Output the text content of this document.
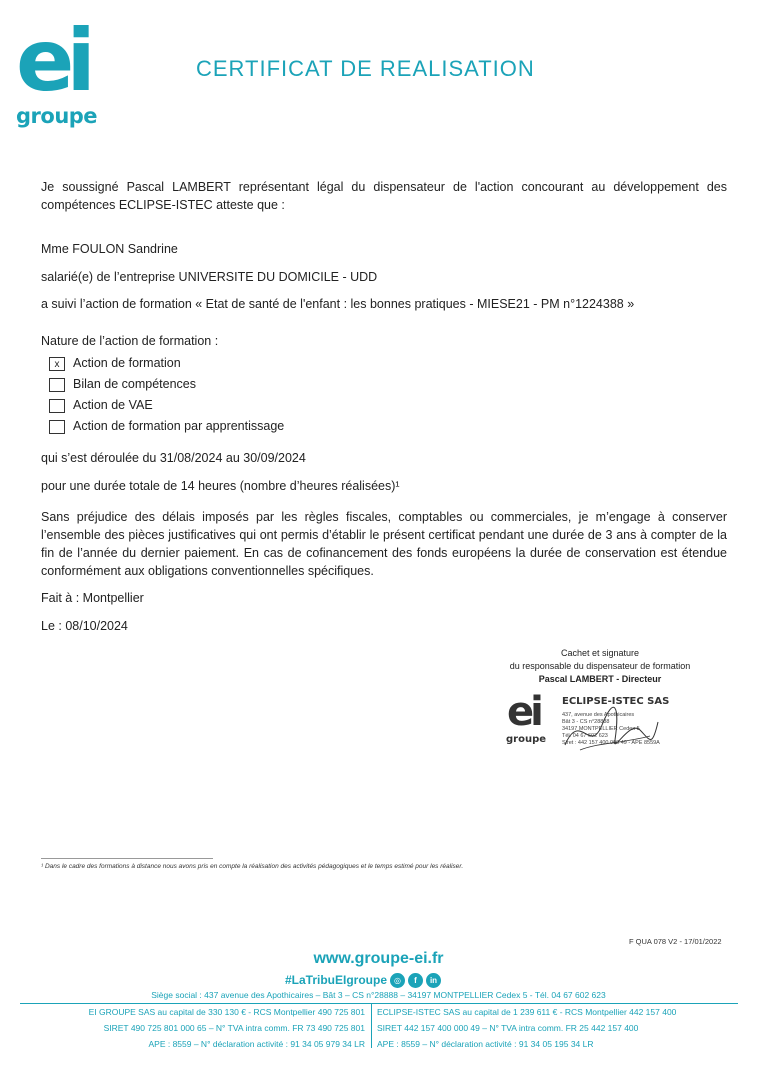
ei
groupe
CERTIFICAT DE REALISATION
Je soussigné Pascal LAMBERT représentant légal du dispensateur de l'action concourant au développement des compétences ECLIPSE-ISTEC atteste que :
Mme FOULON Sandrine
salarié(e) de l’entreprise UNIVERSITE DU DOMICILE - UDD
a suivi l’action de formation « Etat de santé de l'enfant : les bonnes pratiques - MIESE21 - PM n°1224388 »
Nature de l’action de formation :
x Action de formation
Bilan de compétences
Action de VAE
Action de formation par apprentissage
qui s’est déroulée du 31/08/2024 au 30/09/2024
pour une durée totale de 14 heures (nombre d’heures réalisées)¹
Sans préjudice des délais imposés par les règles fiscales, comptables ou commerciales, je m’engage à conserver l’ensemble des pièces justificatives qui ont permis d’établir le présent certificat pendant une durée de 3 ans à compter de la fin de l’année du dernier paiement. En cas de cofinancement des fonds européens la durée de conservation est étendue conformément aux obligations conventionnelles spécifiques.
Fait à : Montpellier
Le : 08/10/2024
Cachet et signature
du responsable du dispensateur de formation
Pascal LAMBERT - Directeur
ei
groupe
ECLIPSE-ISTEC SAS
437, avenue des Apothicaires
Bât 3 - CS n°28888
34197 MONTPELLIER Cedex 5
Tél. 04 67 602 623
Siret : 442 157 400 000 49 - APE 8559A
¹ Dans le cadre des formations à distance nous avons pris en compte la réalisation des activités pédagogiques et le temps estimé pour les réaliser.
F QUA 078 V2 - 17/01/2022
www.groupe-ei.fr
#LaTribuEIgroupe ◎	f	in
Siège social : 437 avenue des Apothicaires – Bât 3 – CS n°28888 – 34197 MONTPELLIER Cedex 5 - Tél. 04 67 602 623
EI GROUPE SAS au capital de 330 130 € - RCS Montpellier 490 725 801
SIRET 490 725 801 000 65 – N° TVA intra comm. FR 73 490 725 801
APE : 8559 – N° déclaration activité : 91 34 05 979 34 LR
ECLIPSE-ISTEC SAS au capital de 1 239 611 € - RCS Montpellier 442 157 400
SIRET 442 157 400 000 49 – N° TVA intra comm. FR 25 442 157 400
APE : 8559 – N° déclaration activité : 91 34 05 195 34 LR
